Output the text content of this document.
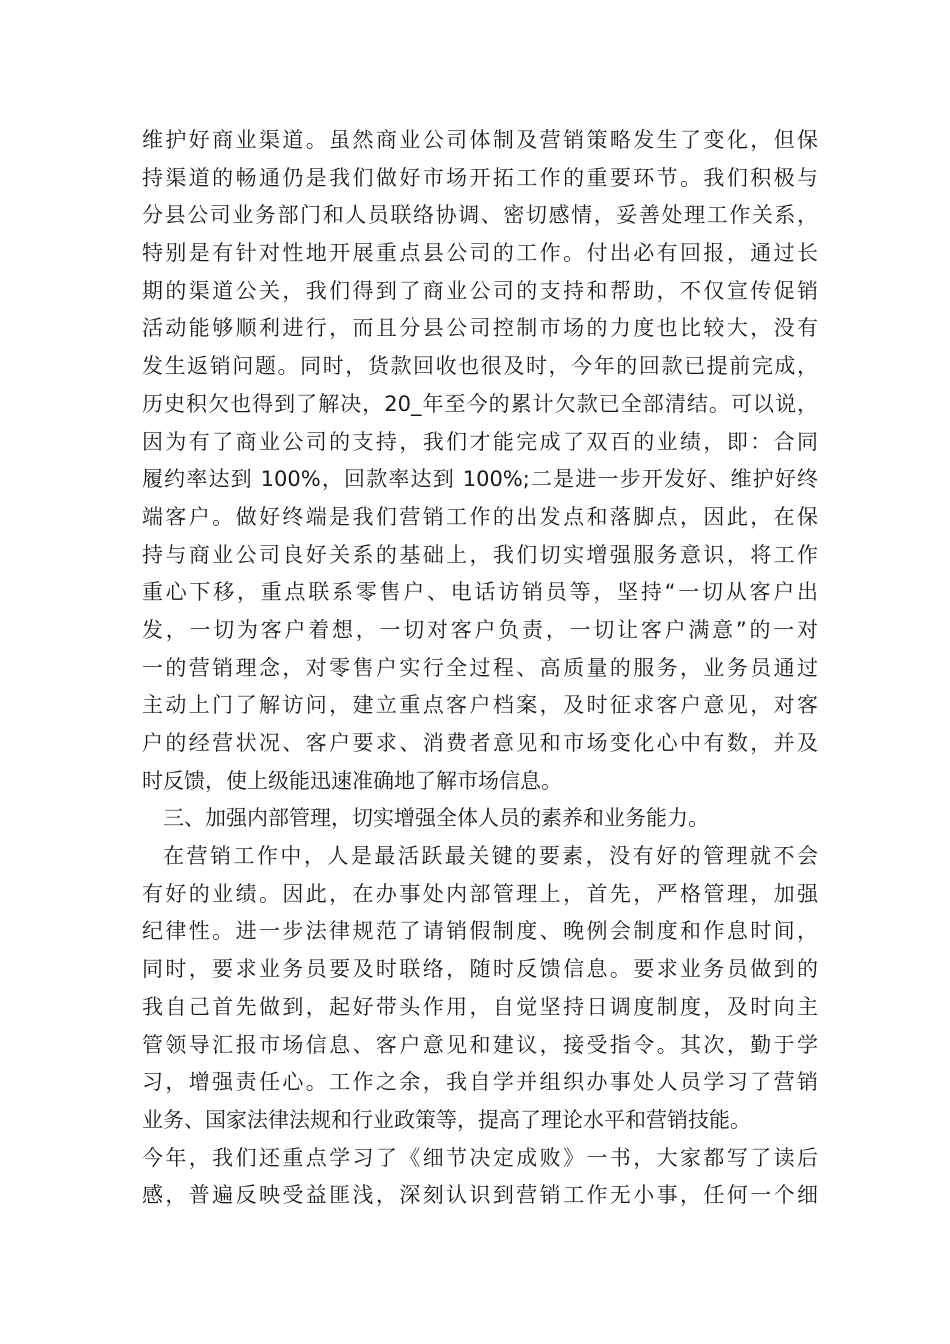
维护好商业渠道。虽然商业公司体制及营销策略发生了变化，但保
持渠道的畅通仍是我们做好市场开拓工作的重要环节。我们积极与
分县公司业务部门和人员联络协调、密切感情，妥善处理工作关系，
特别是有针对性地开展重点县公司的工作。付出必有回报，通过长
期的渠道公关，我们得到了商业公司的支持和帮助，不仅宣传促销
活动能够顺利进行，而且分县公司控制市场的力度也比较大，没有
发生返销问题。同时，货款回收也很及时，今年的回款已提前完成，
历史积欠也得到了解决，20_年至今的累计欠款已全部清结。可以说，
因为有了商业公司的支持，我们才能完成了双百的业绩，即：合同
履约率达到 100%，回款率达到 100%;二是进一步开发好、维护好终
端客户。做好终端是我们营销工作的出发点和落脚点，因此，在保
持与商业公司良好关系的基础上，我们切实增强服务意识，将工作
重心下移，重点联系零售户、电话访销员等，坚持“一切从客户出
发，一切为客户着想，一切对客户负责，一切让客户满意”的一对
一的营销理念，对零售户实行全过程、高质量的服务，业务员通过
主动上门了解访问，建立重点客户档案，及时征求客户意见，对客
户的经营状况、客户要求、消费者意见和市场变化心中有数，并及
时反馈，使上级能迅速准确地了解市场信息。
三、加强内部管理，切实增强全体人员的素养和业务能力。
在营销工作中，人是最活跃最关键的要素，没有好的管理就不会
有好的业绩。因此，在办事处内部管理上，首先，严格管理，加强
纪律性。进一步法律规范了请销假制度、晚例会制度和作息时间，
同时，要求业务员要及时联络，随时反馈信息。要求业务员做到的
我自己首先做到，起好带头作用，自觉坚持日调度制度，及时向主
管领导汇报市场信息、客户意见和建议，接受指令。其次，勤于学
习，增强责任心。工作之余，我自学并组织办事处人员学习了营销
业务、国家法律法规和行业政策等，提高了理论水平和营销技能。
今年，我们还重点学习了《细节决定成败》一书，大家都写了读后
感，普遍反映受益匪浅，深刻认识到营销工作无小事，任何一个细
